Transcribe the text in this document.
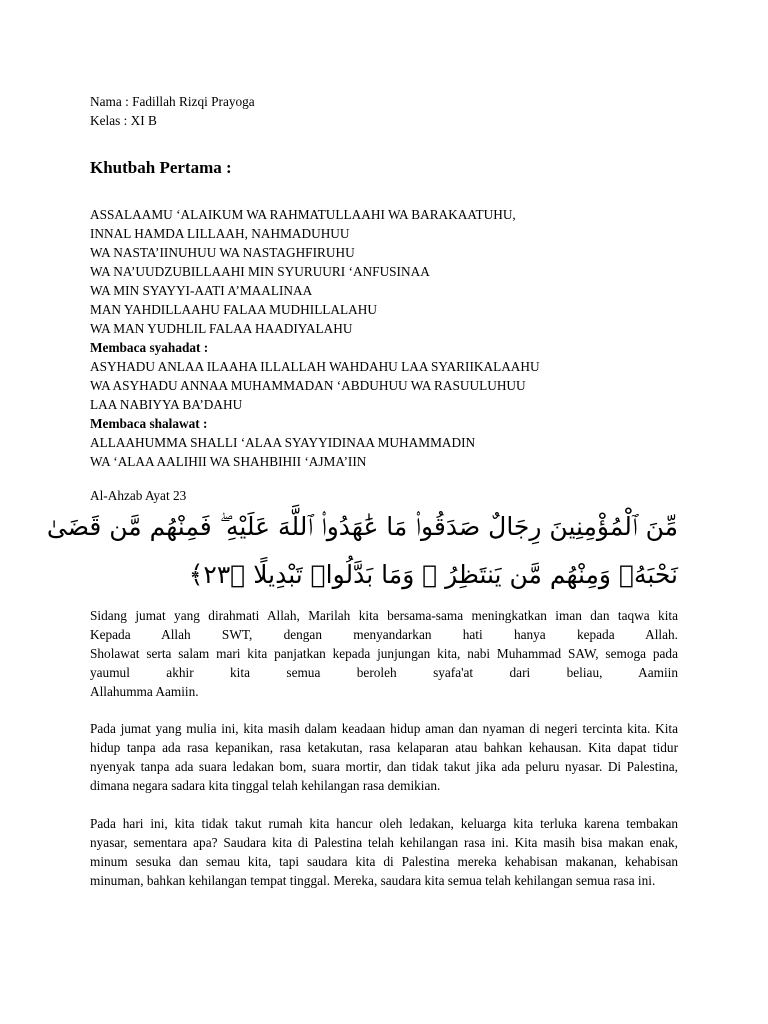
Nama : Fadillah Rizqi Prayoga
Kelas : XI B
Khutbah Pertama :
ASSALAAMU ‘ALAIKUM WA RAHMATULLAAHI WA BARAKAATUHU,
INNAL HAMDA LILLAAH, NAHMADUHUU
WA NASTA’IINUHUU WA NASTAGHFIRUHU
WA NA’UUDZUBILLAAHI MIN SYURUURI ‘ANFUSINAA
WA MIN SYAYYI-AATI A’MAALINAA
MAN YAHDILLAAHU FALAA MUDHILLALAHU
WA MAN YUDHLIL FALAA HAADIYALAHU
Membaca syahadat :
ASYHADU ANLAA ILAAHA ILLALLAH WAHDAHU LAA SYARIIKALAAHU
WA ASYHADU ANNAA MUHAMMADAN ‘ABDUHUU WA RASUULUHUU
LAA NABIYYA BA’DAHU
Membaca shalawat :
ALLAAHUMMA SHALLI ‘ALAA SYAYYIDINAA MUHAMMADIN
WA ‘ALAA AALIHII WA SHAHBIHII ‘AJMA’IIN
Al-Ahzab Ayat 23
مِّنَ ٱلْمُؤْمِنِينَ رِجَالٌ صَدَقُوا۟ مَا عَٰهَدُوا۟ ٱللَّهَ عَلَيْهِ ۖ فَمِنْهُم مَّن قَضَىٰ
نَحْبَهُۥ وَمِنْهُم مَّن يَنتَظِرُ ۖ وَمَا بَدَّلُوا۟ تَبْدِيلًا ﴿٢٣﴾
Sidang jumat yang dirahmati Allah, Marilah kita bersama-sama meningkatkan iman dan taqwa kita
Kepada Allah SWT, dengan menyandarkan hati hanya kepada Allah.
Sholawat serta salam mari kita panjatkan kepada junjungan kita, nabi Muhammad SAW, semoga pada
yaumul akhir kita semua beroleh syafa'at dari beliau, Aamiin
Allahumma Aamiin.
Pada jumat yang mulia ini, kita masih dalam keadaan hidup aman dan nyaman di negeri tercinta kita. Kita
hidup tanpa ada rasa kepanikan, rasa ketakutan, rasa kelaparan atau bahkan kehausan. Kita dapat tidur
nyenyak tanpa ada suara ledakan bom, suara mortir, dan tidak takut jika ada peluru nyasar. Di Palestina,
dimana negara sadara kita tinggal telah kehilangan rasa demikian.
Pada hari ini, kita tidak takut rumah kita hancur oleh ledakan, keluarga kita terluka karena tembakan
nyasar, sementara apa? Saudara kita di Palestina telah kehilangan rasa ini. Kita masih bisa makan enak,
minum sesuka dan semau kita, tapi saudara kita di Palestina mereka kehabisan makanan, kehabisan
minuman, bahkan kehilangan tempat tinggal. Mereka, saudara kita semua telah kehilangan semua rasa ini.
